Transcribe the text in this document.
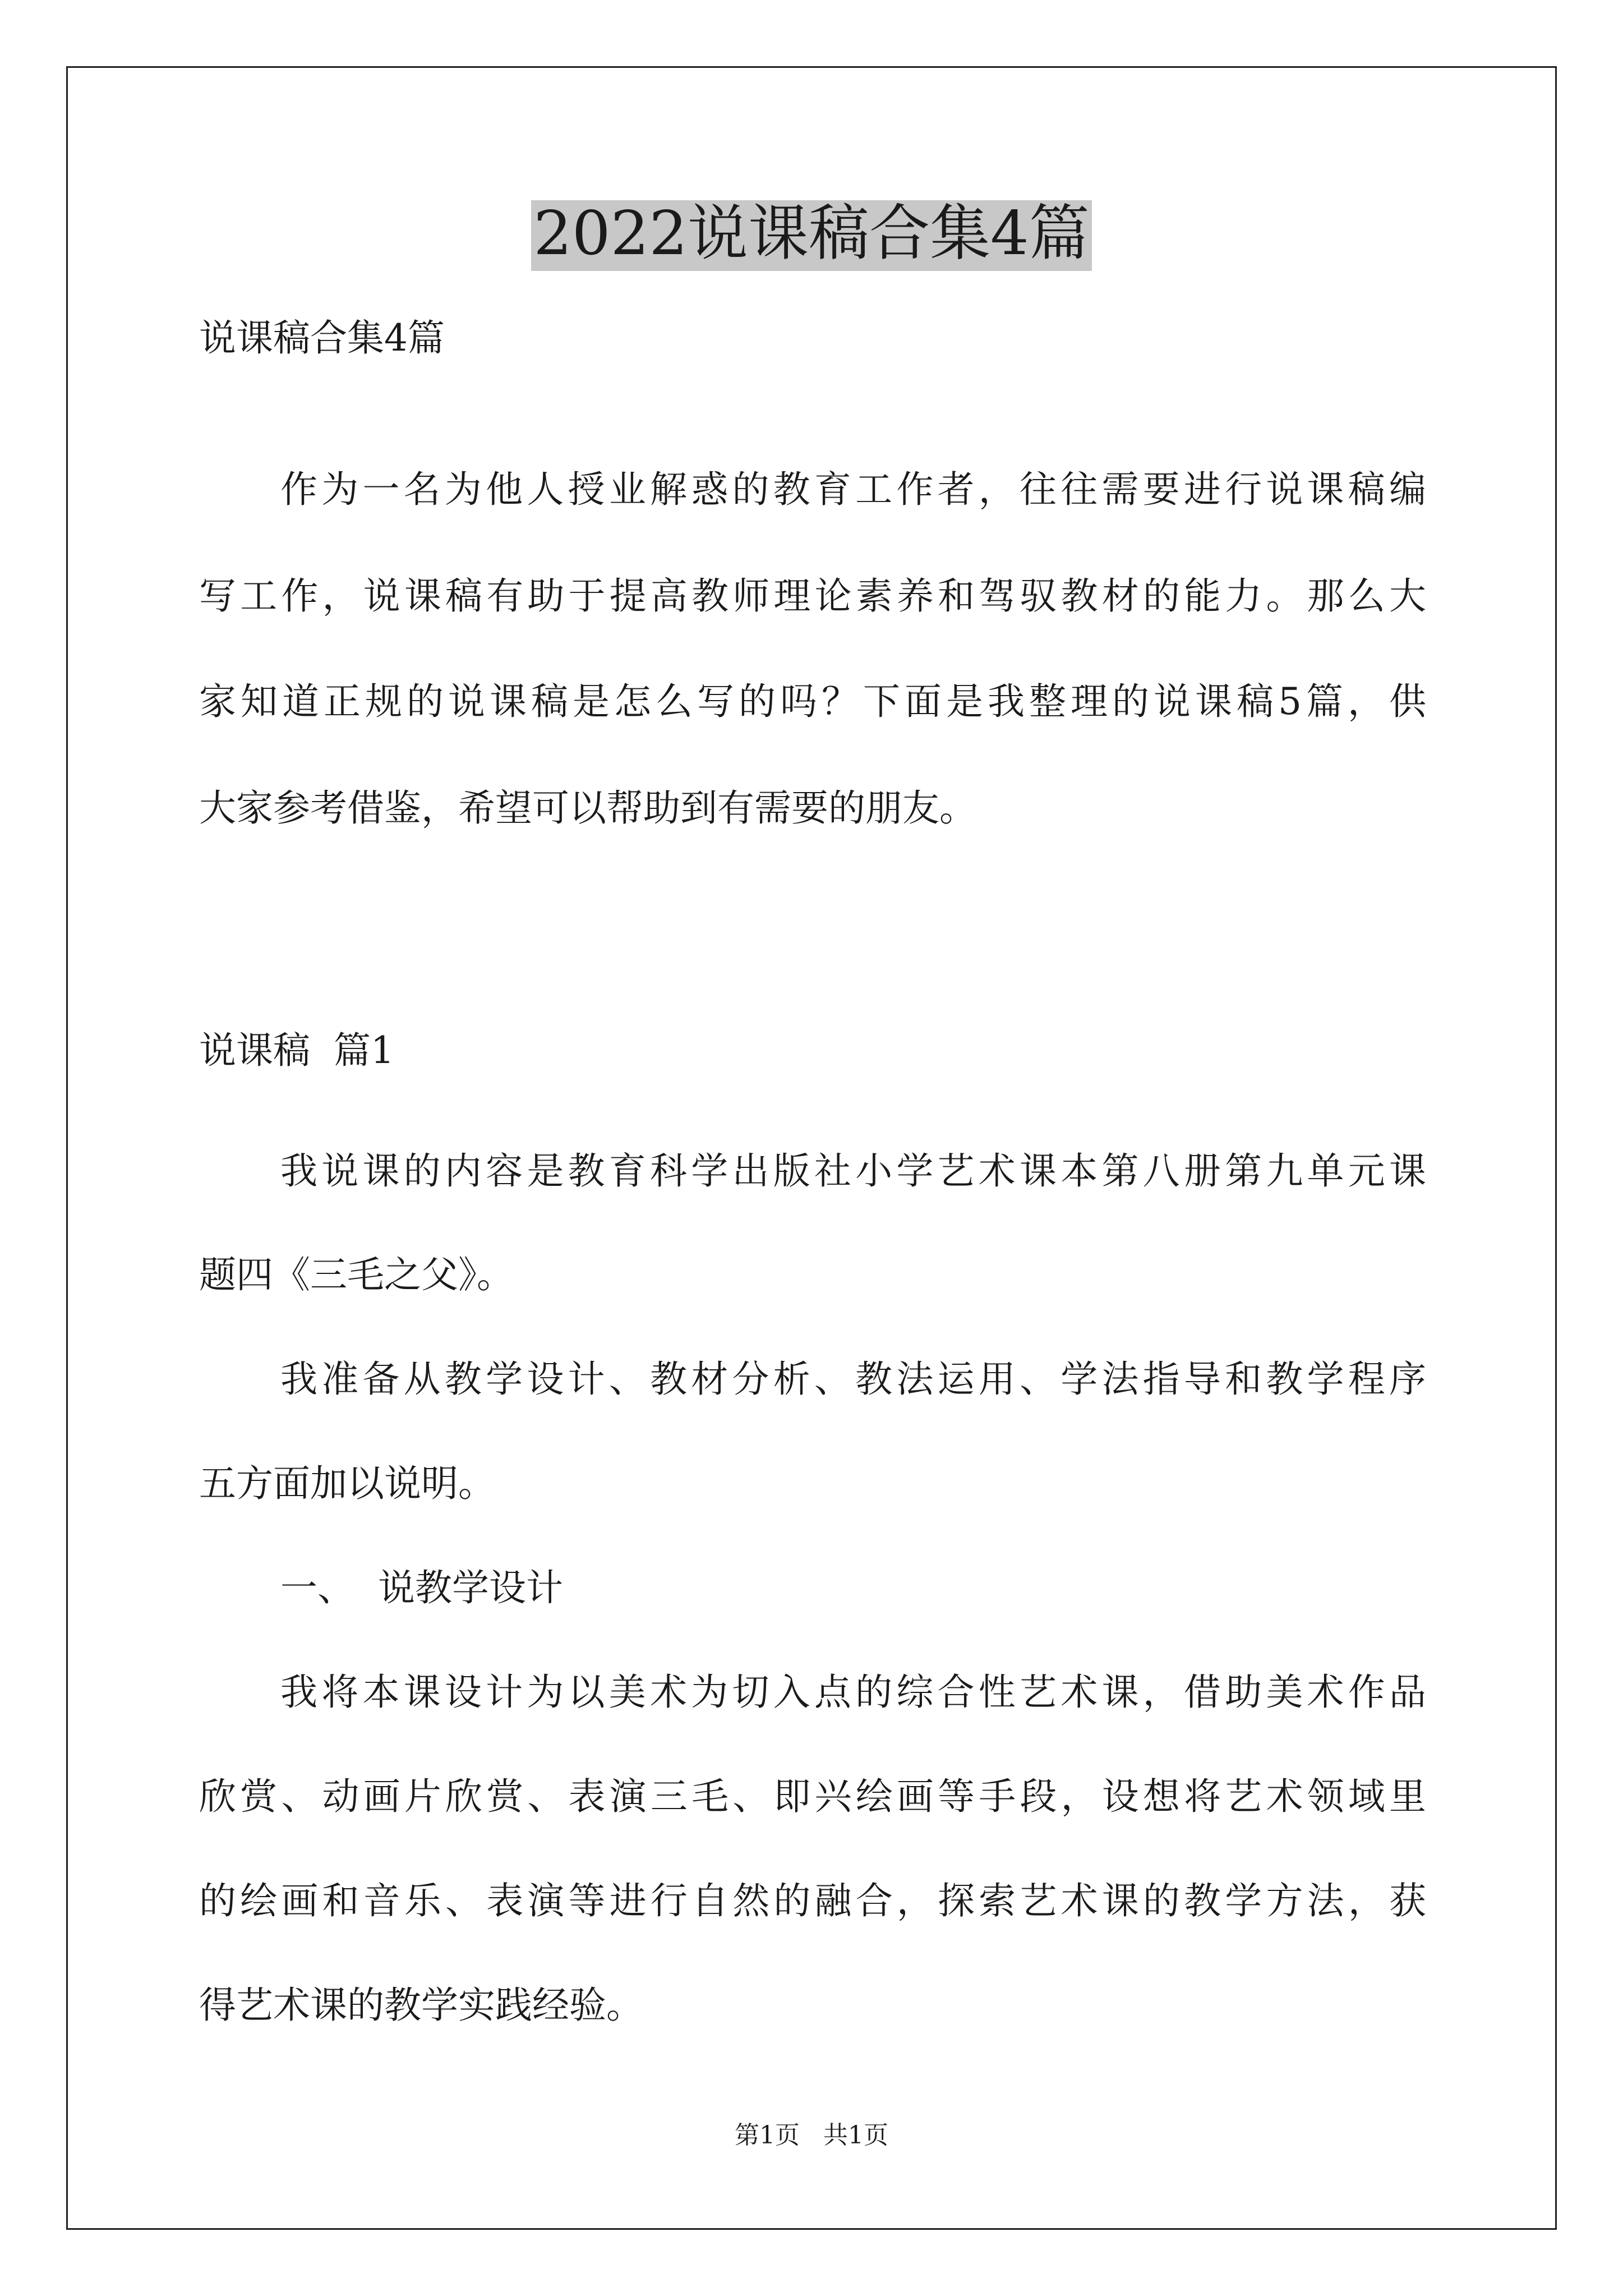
2022说课稿合集4篇

说课稿合集4篇

作为一名为他人授业解惑的教育工作者，往往需要进行说课稿编

写工作，说课稿有助于提高教师理论素养和驾驭教材的能力。那么大

家知道正规的说课稿是怎么写的吗？下面是我整理的说课稿5篇，供

大家参考借鉴，希望可以帮助到有需要的朋友。

说课稿  篇1

我说课的内容是教育科学出版社小学艺术课本第八册第九单元课

题四《三毛之父》。

我准备从教学设计、教材分析、教法运用、学法指导和教学程序

五方面加以说明。

一、  说教学设计

我将本课设计为以美术为切入点的综合性艺术课，借助美术作品

欣赏、动画片欣赏、表演三毛、即兴绘画等手段，设想将艺术领域里

的绘画和音乐、表演等进行自然的融合，探索艺术课的教学方法，获

得艺术课的教学实践经验。

第1页   共1页
